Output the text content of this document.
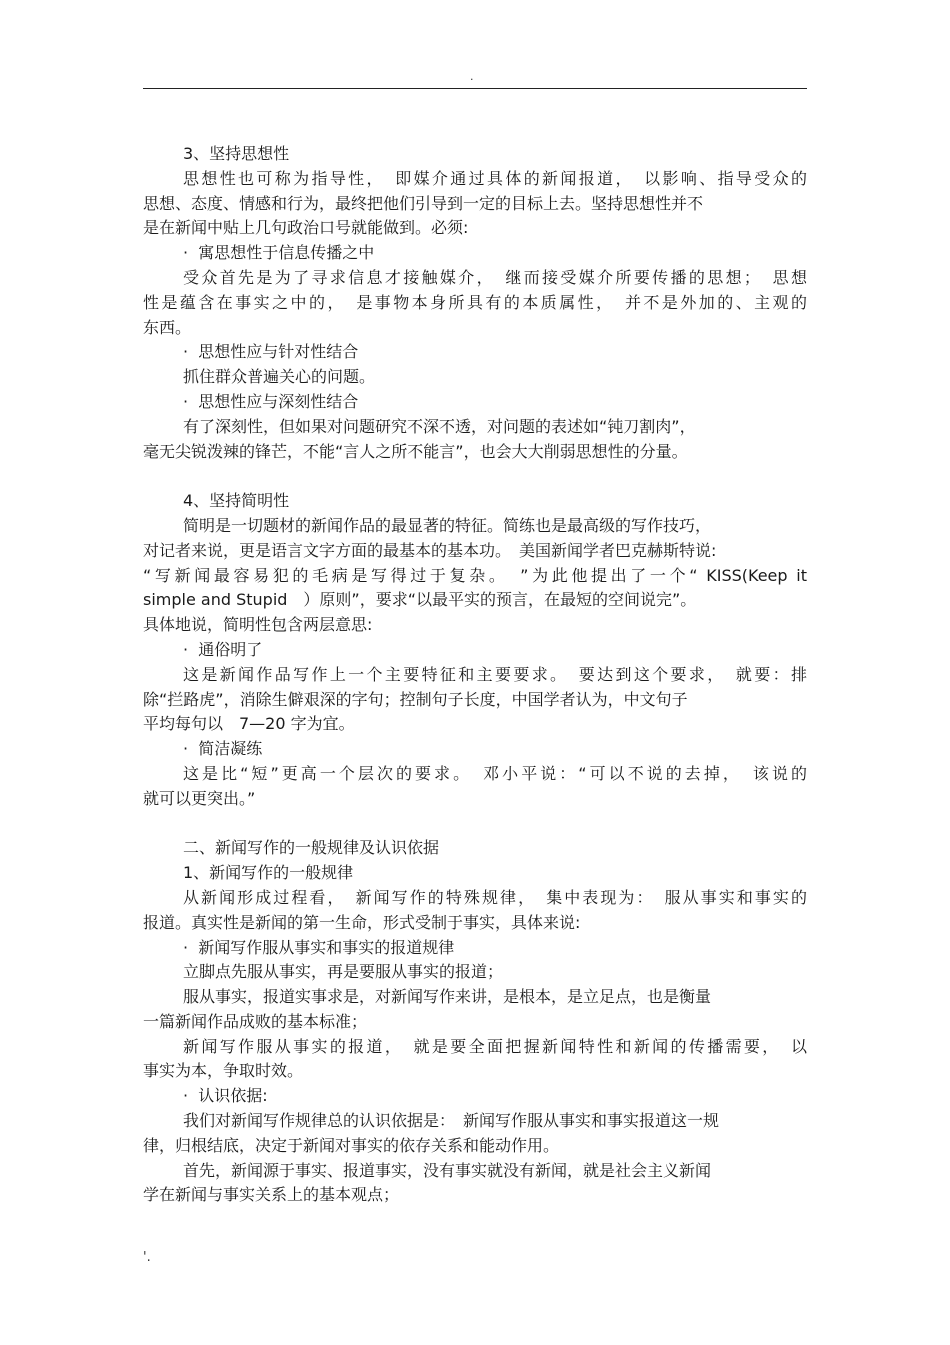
.
3、坚持思想性
思想性也可称为指导性，　即媒介通过具体的新闻报道，　以影响、指导受众的
思想、态度、情感和行为，最终把他们引导到一定的目标上去。坚持思想性并不
是在新闻中贴上几句政治口号就能做到。必须:
·  寓思想性于信息传播之中
受众首先是为了寻求信息才接触媒介，　继而接受媒介所要传播的思想；　思想
性是蕴含在事实之中的，　是事物本身所具有的本质属性，　并不是外加的、主观的
东西。
·  思想性应与针对性结合
抓住群众普遍关心的问题。
·  思想性应与深刻性结合
有了深刻性，但如果对问题研究不深不透，对问题的表述如“钝刀割肉”，
毫无尖锐泼辣的锋芒，不能“言人之所不能言”，也会大大削弱思想性的分量。
4、坚持简明性
简明是一切题材的新闻作品的最显著的特征。简练也是最高级的写作技巧，
对记者来说，更是语言文字方面的最基本的基本功。　美国新闻学者巴克赫斯特说:
“写新闻最容易犯的毛病是写得过于复杂。　”为此他提出了一个“ KISS(Keep it
simple and Stupid　）原则”，要求“以最平实的预言，在最短的空间说完”。
具体地说，简明性包含两层意思:
·  通俗明了
这是新闻作品写作上一个主要特征和主要要求。　要达到这个要求，　就要：排
除“拦路虎”，消除生僻艰深的字句；控制句子长度，中国学者认为，中文句子
平均每句以　7—20 字为宜。
·  简洁凝练
这是比“短”更高一个层次的要求。　邓小平说：“可以不说的去掉，　该说的
就可以更突出。”
二、新闻写作的一般规律及认识依据
1、新闻写作的一般规律
从新闻形成过程看，　新闻写作的特殊规律，　集中表现为：　服从事实和事实的
报道。真实性是新闻的第一生命，形式受制于事实，具体来说:
·  新闻写作服从事实和事实的报道规律
立脚点先服从事实，再是要服从事实的报道；
服从事实，报道实事求是，对新闻写作来讲，是根本，是立足点，也是衡量
一篇新闻作品成败的基本标准；
新闻写作服从事实的报道，　就是要全面把握新闻特性和新闻的传播需要，　以
事实为本，争取时效。
·  认识依据:
我们对新闻写作规律总的认识依据是：　新闻写作服从事实和事实报道这一规
律，归根结底，决定于新闻对事实的依存关系和能动作用。
首先，新闻源于事实、报道事实，没有事实就没有新闻，就是社会主义新闻
学在新闻与事实关系上的基本观点；
'.
